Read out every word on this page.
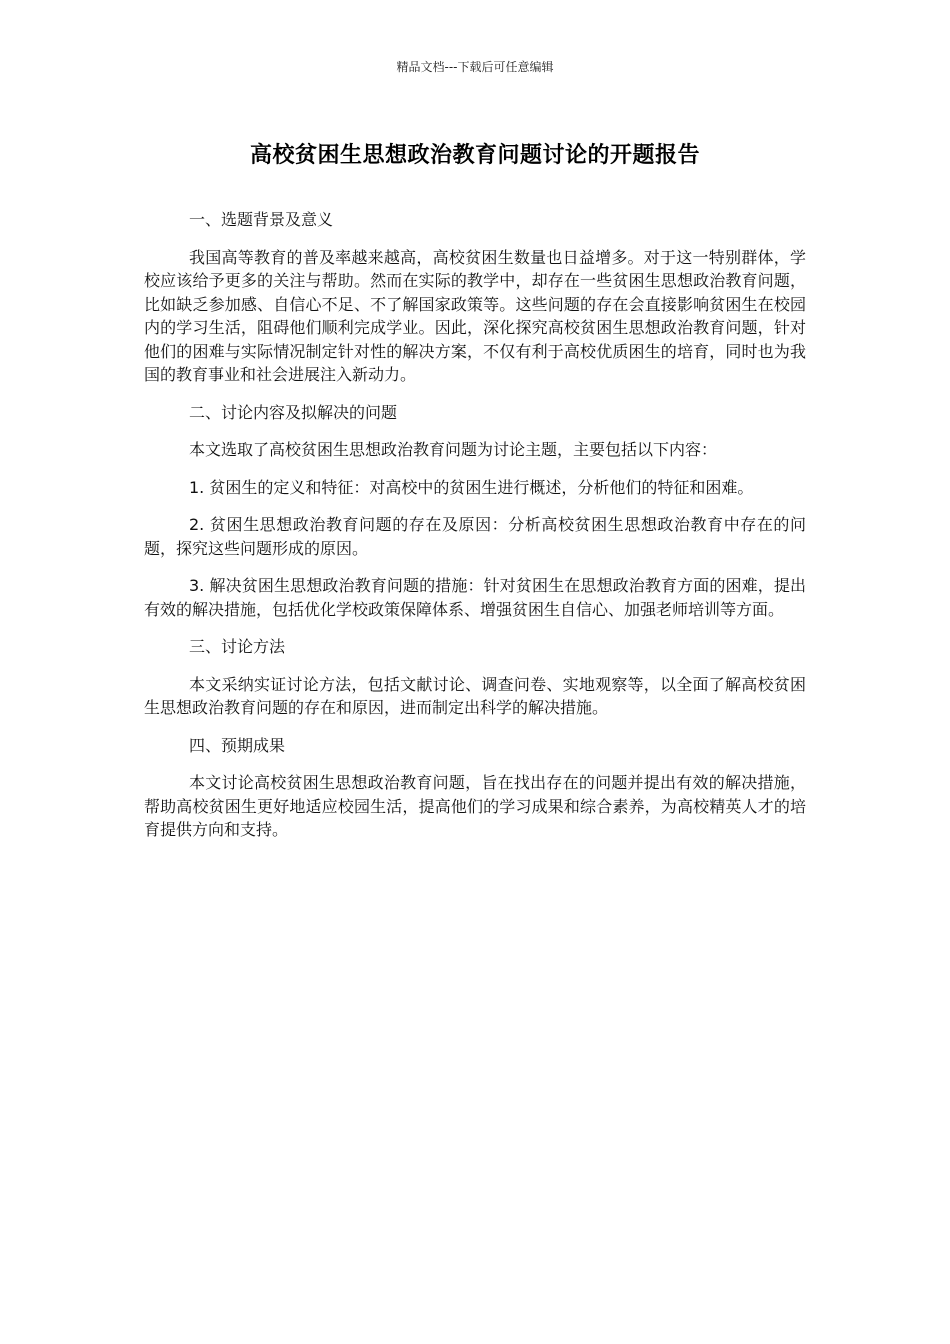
精品文档---下载后可任意编辑
高校贫困生思想政治教育问题讨论的开题报告

一、选题背景及意义

我国高等教育的普及率越来越高，高校贫困生数量也日益增多。对于这一特别群体，学校应该给予更多的关注与帮助。然而在实际的教学中，却存在一些贫困生思想政治教育问题，比如缺乏参加感、自信心不足、不了解国家政策等。这些问题的存在会直接影响贫困生在校园内的学习生活，阻碍他们顺利完成学业。因此，深化探究高校贫困生思想政治教育问题，针对他们的困难与实际情况制定针对性的解决方案，不仅有利于高校优质困生的培育，同时也为我国的教育事业和社会进展注入新动力。

二、讨论内容及拟解决的问题

本文选取了高校贫困生思想政治教育问题为讨论主题，主要包括以下内容：

1. 贫困生的定义和特征：对高校中的贫困生进行概述，分析他们的特征和困难。

2. 贫困生思想政治教育问题的存在及原因：分析高校贫困生思想政治教育中存在的问题，探究这些问题形成的原因。

3. 解决贫困生思想政治教育问题的措施：针对贫困生在思想政治教育方面的困难，提出有效的解决措施，包括优化学校政策保障体系、增强贫困生自信心、加强老师培训等方面。

三、讨论方法

本文采纳实证讨论方法，包括文献讨论、调查问卷、实地观察等，以全面了解高校贫困生思想政治教育问题的存在和原因，进而制定出科学的解决措施。

四、预期成果

本文讨论高校贫困生思想政治教育问题，旨在找出存在的问题并提出有效的解决措施，帮助高校贫困生更好地适应校园生活，提高他们的学习成果和综合素养，为高校精英人才的培育提供方向和支持。
